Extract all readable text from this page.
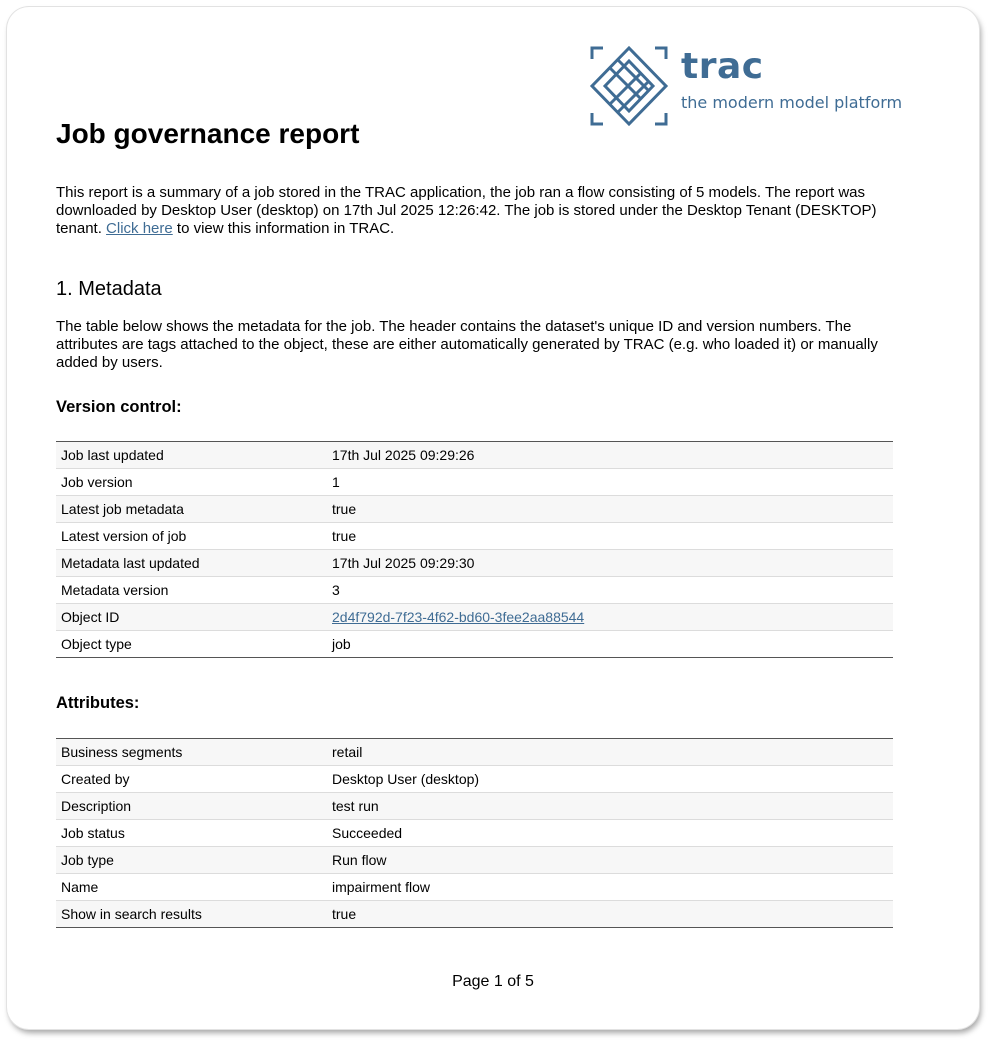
trac
the modern model platform
Job governance report

This report is a summary of a job stored in the TRAC application, the job ran a flow consisting of 5 models. The report was downloaded by Desktop User (desktop) on 17th Jul 2025 12:26:42. The job is stored under the Desktop Tenant (DESKTOP) tenant. Click here to view this information in TRAC.

1. Metadata

The table below shows the metadata for the job. The header contains the dataset's unique ID and version numbers. The attributes are tags attached to the object, these are either automatically generated by TRAC (e.g. who loaded it) or manually added by users.

Version control:
Job last updated	17th Jul 2025 09:29:26
Job version	1
Latest job metadata	true
Latest version of job	true
Metadata last updated	17th Jul 2025 09:29:30
Metadata version	3
Object ID	2d4f792d-7f23-4f62-bd60-3fee2aa88544
Object type	job
Attributes:
Business segments	retail
Created by	Desktop User (desktop)
Description	test run
Job status	Succeeded
Job type	Run flow
Name	impairment flow
Show in search results	true
Page 1 of 5
